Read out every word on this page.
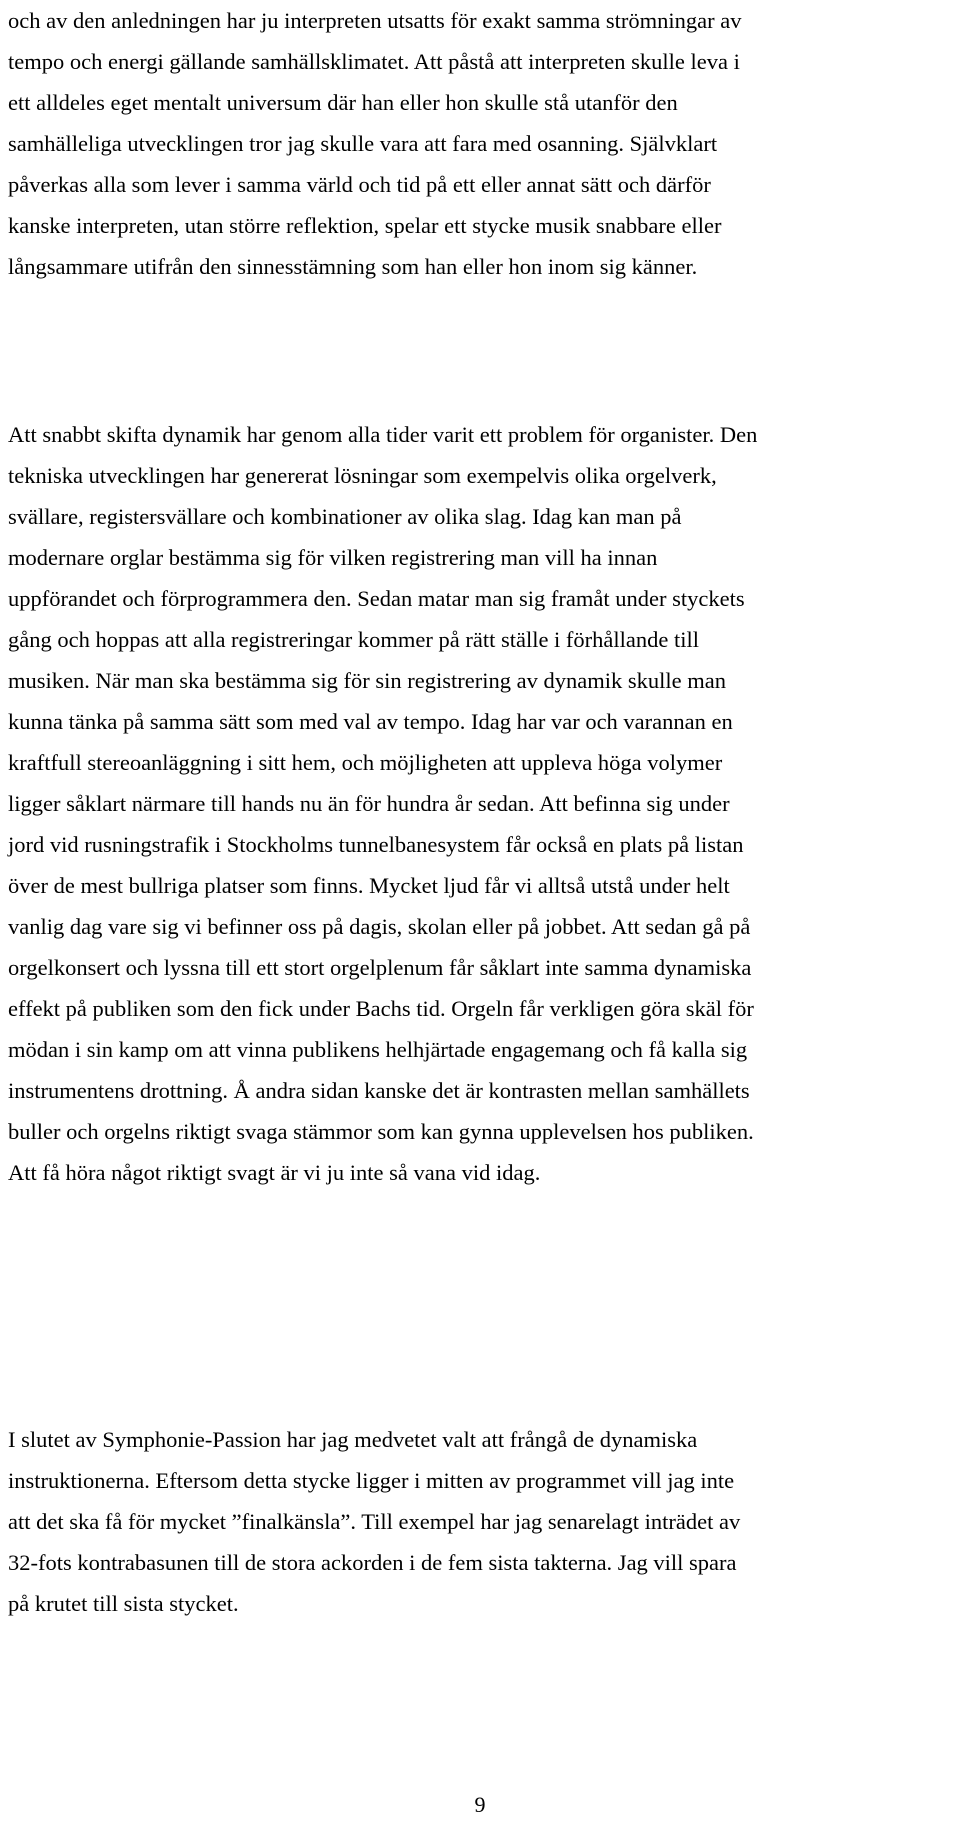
och av den anledningen har ju interpreten utsatts för exakt samma strömningar av
tempo och energi gällande samhällsklimatet. Att påstå att interpreten skulle leva i
ett alldeles eget mentalt universum där han eller hon skulle stå utanför den
samhälleliga utvecklingen tror jag skulle vara att fara med osanning. Självklart
påverkas alla som lever i samma värld och tid på ett eller annat sätt och därför
kanske interpreten, utan större reflektion, spelar ett stycke musik snabbare eller
långsammare utifrån den sinnesstämning som han eller hon inom sig känner.
Att snabbt skifta dynamik har genom alla tider varit ett problem för organister. Den
tekniska utvecklingen har genererat lösningar som exempelvis olika orgelverk,
svällare, registersvällare och kombinationer av olika slag. Idag kan man på
modernare orglar bestämma sig för vilken registrering man vill ha innan
uppförandet och förprogrammera den. Sedan matar man sig framåt under styckets
gång och hoppas att alla registreringar kommer på rätt ställe i förhållande till
musiken. När man ska bestämma sig för sin registrering av dynamik skulle man
kunna tänka på samma sätt som med val av tempo. Idag har var och varannan en
kraftfull stereoanläggning i sitt hem, och möjligheten att uppleva höga volymer
ligger såklart närmare till hands nu än för hundra år sedan. Att befinna sig under
jord vid rusningstrafik i Stockholms tunnelbanesystem får också en plats på listan
över de mest bullriga platser som finns. Mycket ljud får vi alltså utstå under helt
vanlig dag vare sig vi befinner oss på dagis, skolan eller på jobbet. Att sedan gå på
orgelkonsert och lyssna till ett stort orgelplenum får såklart inte samma dynamiska
effekt på publiken som den fick under Bachs tid. Orgeln får verkligen göra skäl för
mödan i sin kamp om att vinna publikens helhjärtade engagemang och få kalla sig
instrumentens drottning. Å andra sidan kanske det är kontrasten mellan samhällets
buller och orgelns riktigt svaga stämmor som kan gynna upplevelsen hos publiken.
Att få höra något riktigt svagt är vi ju inte så vana vid idag.
I slutet av Symphonie-Passion har jag medvetet valt att frångå de dynamiska
instruktionerna. Eftersom detta stycke ligger i mitten av programmet vill jag inte
att det ska få för mycket ”finalkänsla”. Till exempel har jag senarelagt inträdet av
32-fots kontrabasunen till de stora ackorden i de fem sista takterna. Jag vill spara
på krutet till sista stycket.
9
